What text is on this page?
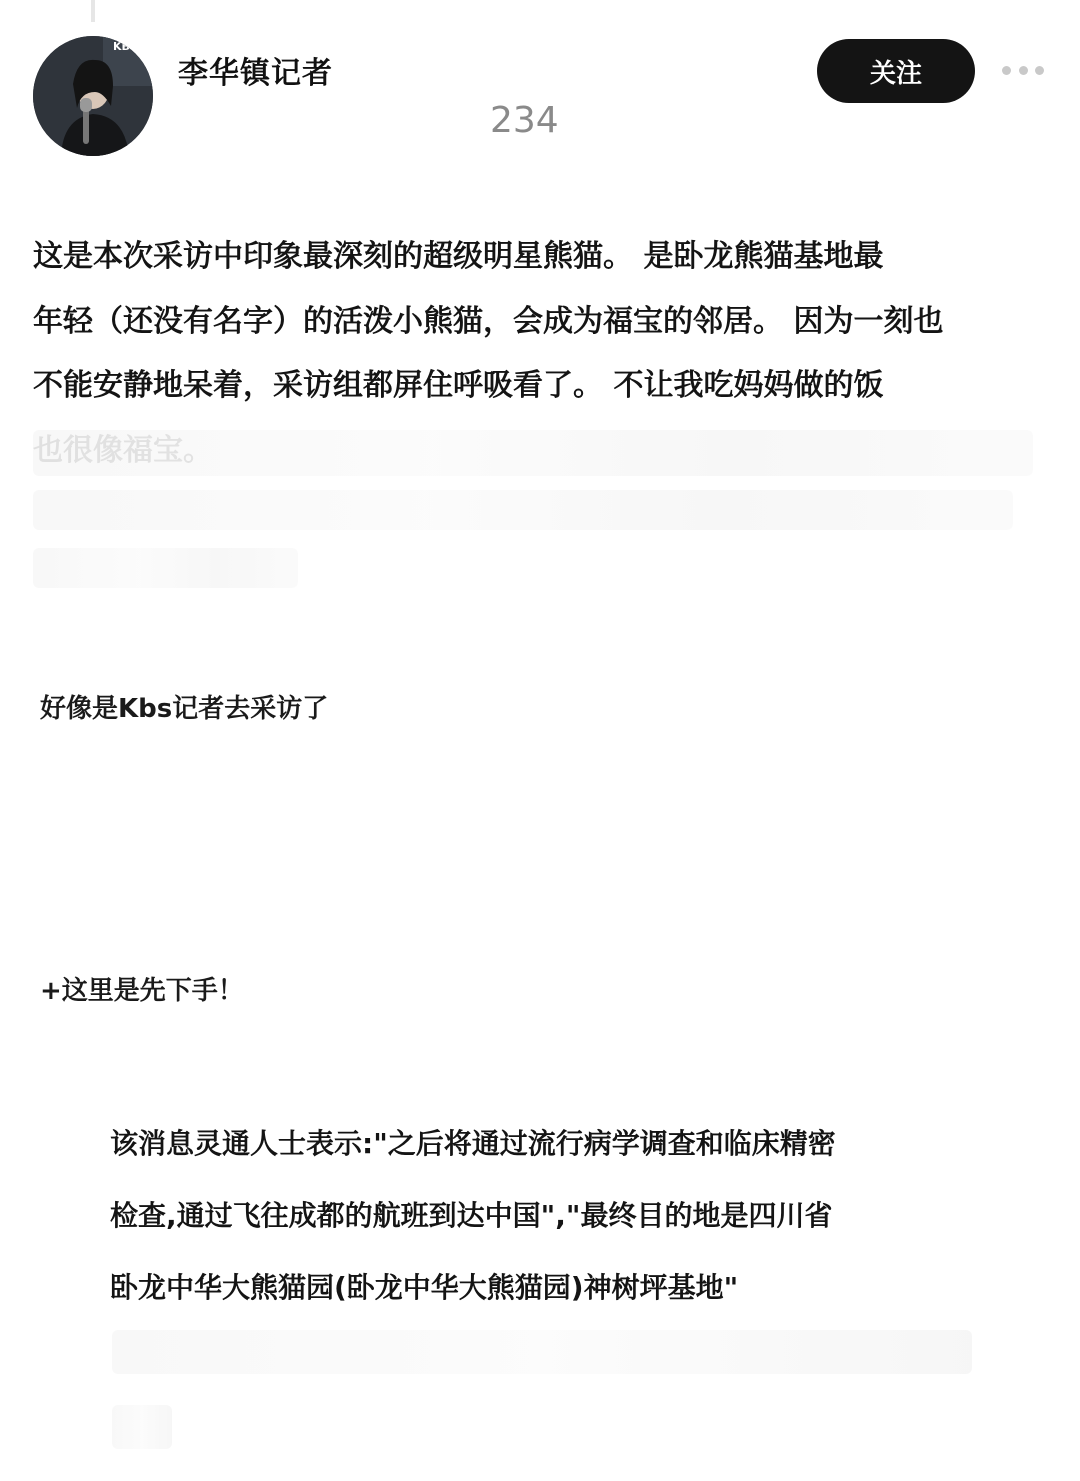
KBS
李华镇记者	关注
234
这是本次采访中印象最深刻的超级明星熊猫。 是卧龙熊猫基地最
年轻（还没有名字）的活泼小熊猫，会成为福宝的邻居。 因为一刻也
不能安静地呆着，采访组都屏住呼吸看了。 不让我吃妈妈做的饭
好像是Kbs记者去采访了
+这里是先下手！
该消息灵通人士表示:"之后将通过流行病学调查和临床精密
检查,通过飞往成都的航班到达中国","最终目的地是四川省
卧龙中华大熊猫园(卧龙中华大熊猫园)神树坪基地"
